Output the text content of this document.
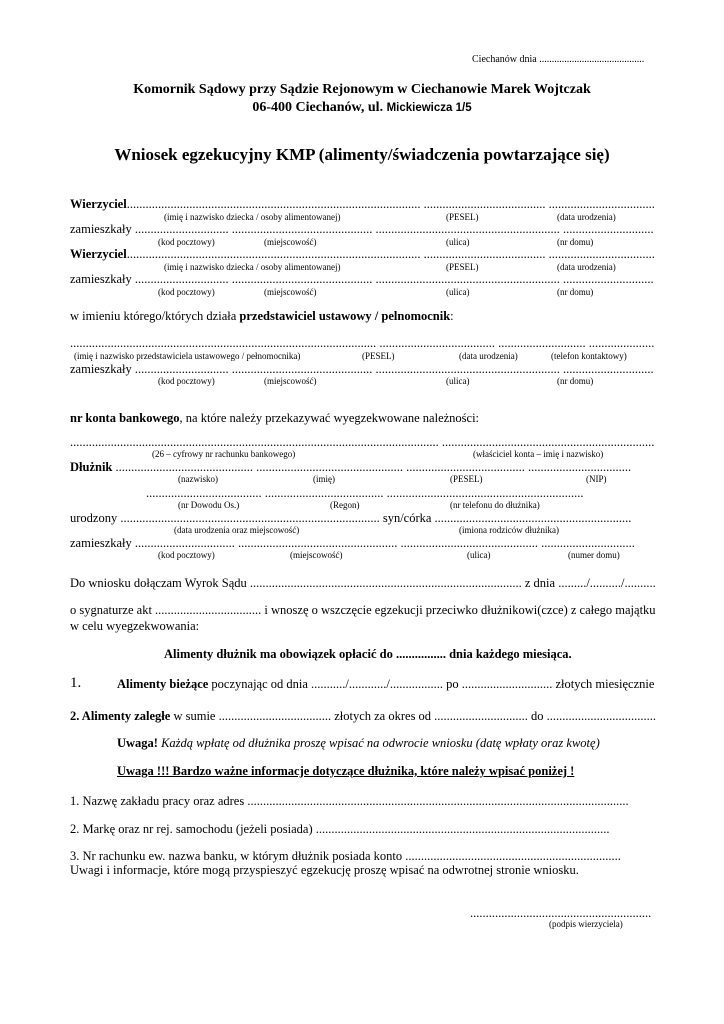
Ciechanów dnia ..........................................
Komornik Sądowy przy Sądzie Rejonowym w Ciechanowie Marek Wojtczak
06-400 Ciechanów, ul. Mickiewicza 1/5
Wniosek egzekucyjny KMP (alimenty/świadczenia powtarzające się)
Wierzyciel.............................................................................................. ....................................... ..................................
(imię i nazwisko dziecka / osoby alimentowanej)	(PESEL)	(data urodzenia)
zamieszkały .............................. ............................................. ........................................................... .............................
(kod pocztowy)	(miejscowość)	(ulica)	(nr domu)
Wierzyciel.............................................................................................. ....................................... ..................................
(imię i nazwisko dziecka / osoby alimentowanej)	(PESEL)	(data urodzenia)
zamieszkały .............................. ............................................. ........................................................... .............................
(kod pocztowy)	(miejscowość)	(ulica)	(nr domu)
w imieniu którego/których działa przedstawiciel ustawowy / pelnomocnik:
.................................................................................................. ..................................... ............................ .....................
(imię i nazwisko przedstawiciela ustawowego / pełnomocnika)	(PESEL)	(data urodzenia)	(telefon kontaktowy)
zamieszkały .............................. ............................................. ........................................................... .............................
(kod pocztowy)	(miejscowość)	(ulica)	(nr domu)
nr konta bankowego, na które należy przekazywać wyegzekwowane należności:
...................................................................................................................... ....................................................................
(26 – cyfrowy nr rachunku bankowego)	(właściciel konta – imię i nazwisko)
Dłużnik ............................................ ............................................... ...................................... .................................
(nazwisko)	(imię)	(PESEL)	(NIP)
..................................... ...................................... ...............................................................
(nr Dowodu Os.)	(Regon)	(nr telefonu do dłużnika)
urodzony ................................................................................... syn/córka ...............................................................
(data urodzenia oraz miejscowość)	(imiona rodziców dłużnika)
zamieszkały ................................ ................................................... ............................................ ..............................
(kod pocztowy)	(miejscowość)	(ulica)	(numer domu)
Do wniosku dołączam Wyrok Sądu ....................................................................................... z dnia ........./........../..........
o sygnaturze akt .................................. i wnoszę o wszczęcie egzekucji przeciwko dłużnikowi(czce) z całego majątku
w celu wyegzekwowania:
Alimenty dłużnik ma obowiązek opłacić do ................ dnia każdego miesiąca.
1.	Alimenty bieżące poczynając od dnia .........../............/................. po ............................. złotych miesięcznie
2. Alimenty zaległe w sumie .................................... złotych za okres od .............................. do ...................................
Uwaga! Każdą wpłatę od dłużnika proszę wpisać na odwrocie wniosku (datę wpłaty oraz kwotę)
Uwaga !!! Bardzo ważne informacje dotyczące dłużnika, które należy wpisać poniżej !
1. Nazwę zakładu pracy oraz adres ..........................................................................................................................
2. Markę oraz nr rej. samochodu (jeżeli posiada) ..............................................................................................
3. Nr rachunku ew. nazwa banku, w którym dłużnik posiada konto .....................................................................
Uwagi i informacje, które mogą przyspieszyć egzekucję proszę wpisać na odwrotnej stronie wniosku.
..........................................................
(podpis wierzyciela)
